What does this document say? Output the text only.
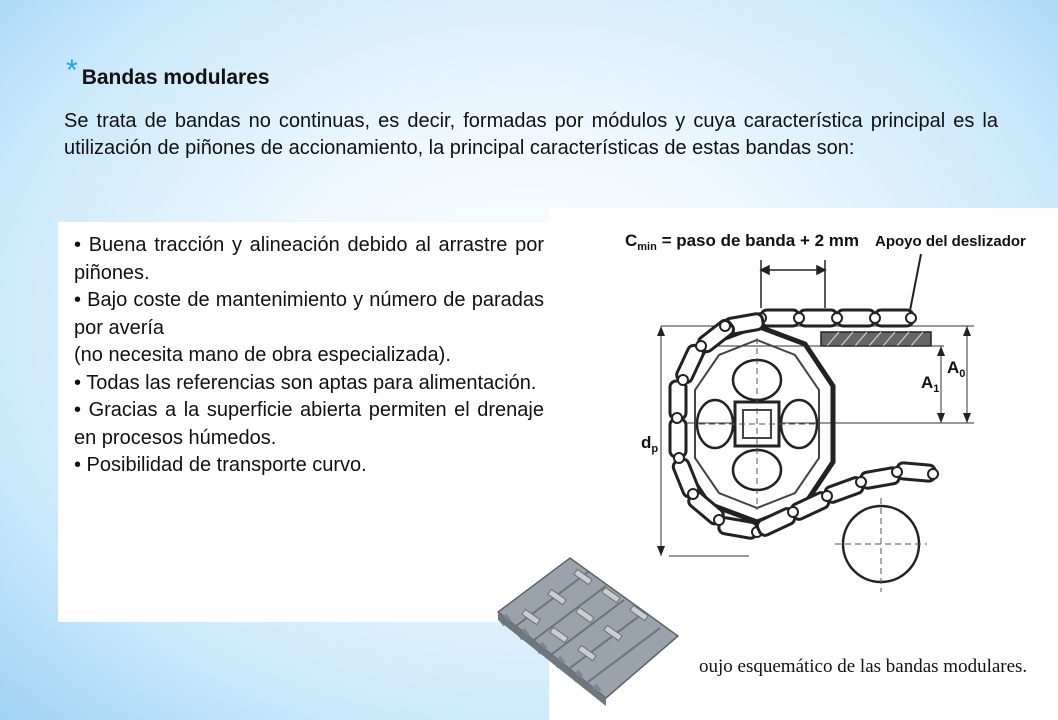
* Bandas modulares

Se trata de bandas no continuas, es decir, formadas por módulos y cuya característica principal es la utilización de piñones de accionamiento, la principal características de estas bandas son:

• Buena tracción y alineación debido al arrastre por piñones.

• Bajo coste de mantenimiento y número de paradas por avería

(no necesita mano de obra especializada).

• Todas las referencias son aptas para alimentación.

• Gracias a la superficie abierta permiten el drenaje en procesos húmedos.

• Posibilidad de transporte curvo.

$C_{min}$ = paso de banda + 2 mm Apoyo del deslizador
$A_0$
$A_1$
$d_p$
oujo esquemático de las bandas modulares.
